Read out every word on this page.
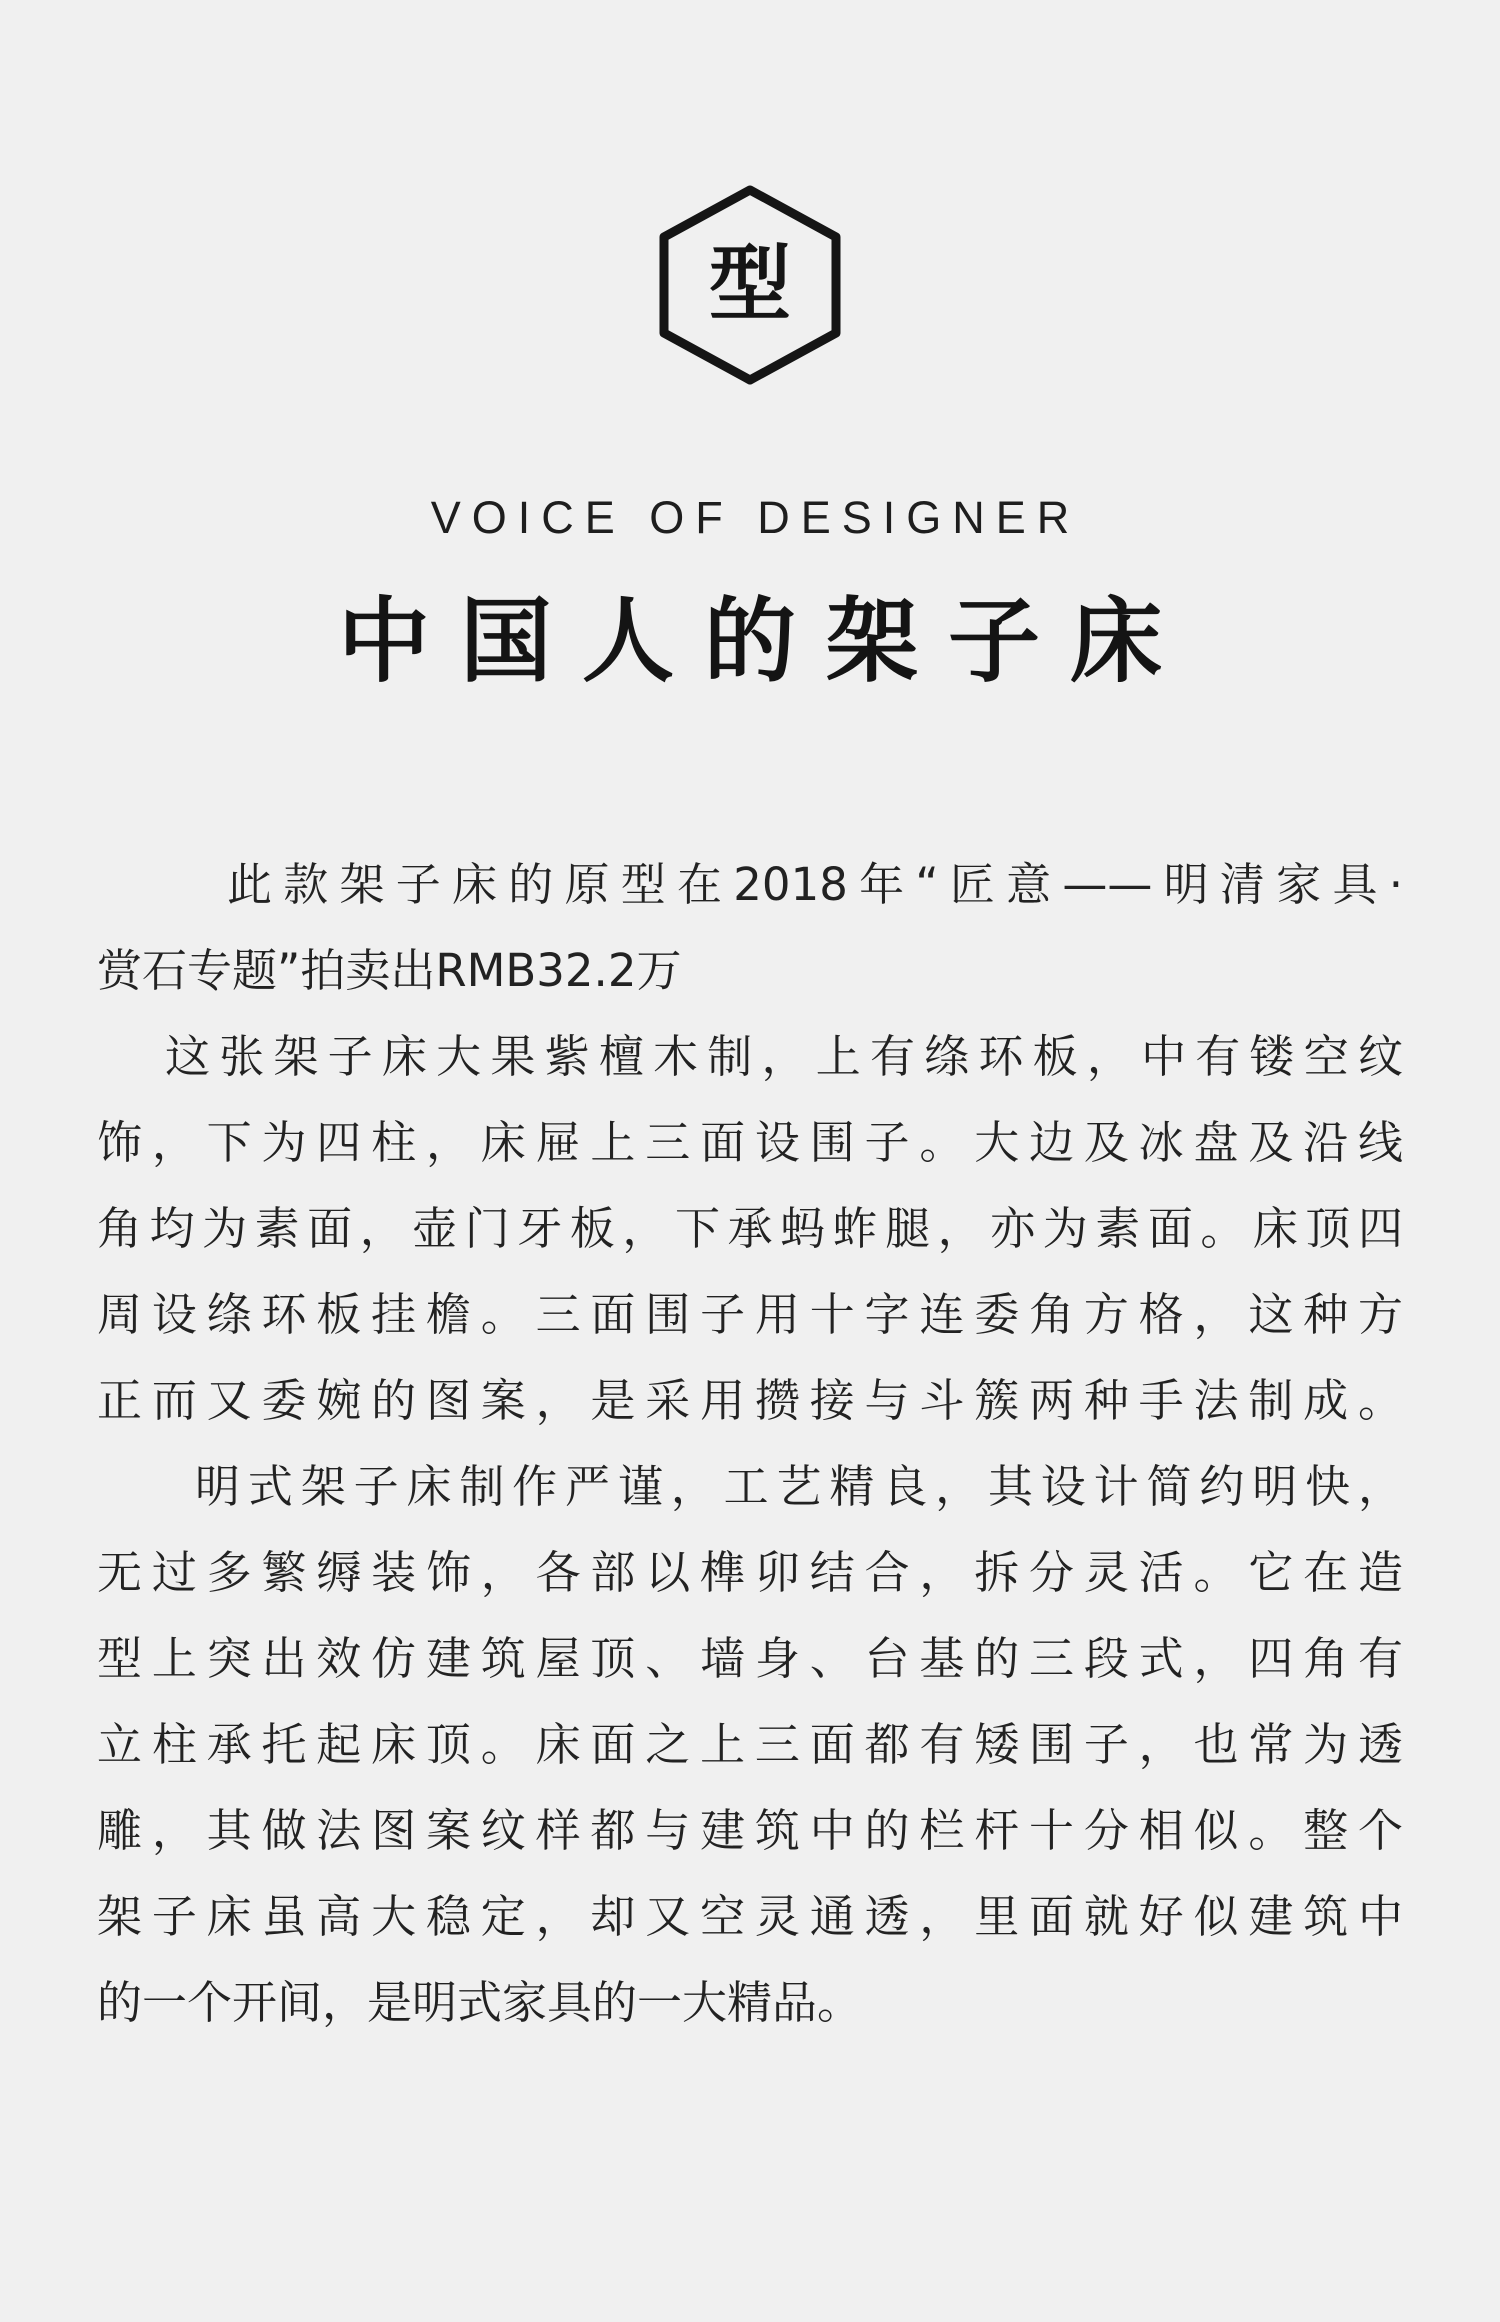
型
VOICE OF DESIGNER
中国人的架子床
此款架子床的原型在2018年“匠意——明清家具·
赏石专题”拍卖出RMB32.2万
这张架子床大果紫檀木制，上有绦环板，中有镂空纹
饰，下为四柱，床屉上三面设围子。大边及冰盘及沿线
角均为素面，壶门牙板，下承蚂蚱腿，亦为素面。床顶四
周设绦环板挂檐。三面围子用十字连委角方格，这种方
正而又委婉的图案，是采用攒接与斗簇两种手法制成。
明式架子床制作严谨，工艺精良，其设计简约明快，
无过多繁缛装饰，各部以榫卯结合，拆分灵活。它在造
型上突出效仿建筑屋顶、墙身、台基的三段式，四角有
立柱承托起床顶。床面之上三面都有矮围子，也常为透
雕，其做法图案纹样都与建筑中的栏杆十分相似。整个
架子床虽高大稳定，却又空灵通透，里面就好似建筑中
的一个开间，是明式家具的一大精品。
